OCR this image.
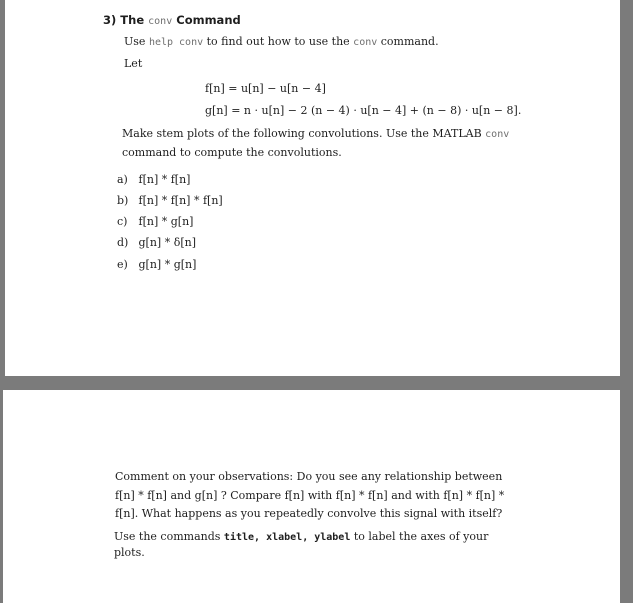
3) The conv Command
Use help conv to find out how to use the conv command.
Let
f[n] = u[n] − u[n − 4]
g[n] = n · u[n] − 2 (n − 4) · u[n − 4] + (n − 8) · u[n − 8].
Make stem plots of the following convolutions. Use the MATLAB conv
command to compute the convolutions.
a) f[n] * f[n]
b) f[n] * f[n] * f[n]
c) f[n] * g[n]
d) g[n] * δ[n]
e) g[n] * g[n]
Comment on your observations: Do you see any relationship between f[n] * f[n] and g[n] ? Compare f[n] with f[n] * f[n] and with f[n] * f[n] * f[n]. What happens as you repeatedly convolve this signal with itself?
Use the commands title, xlabel, ylabel to label the axes of your plots.
